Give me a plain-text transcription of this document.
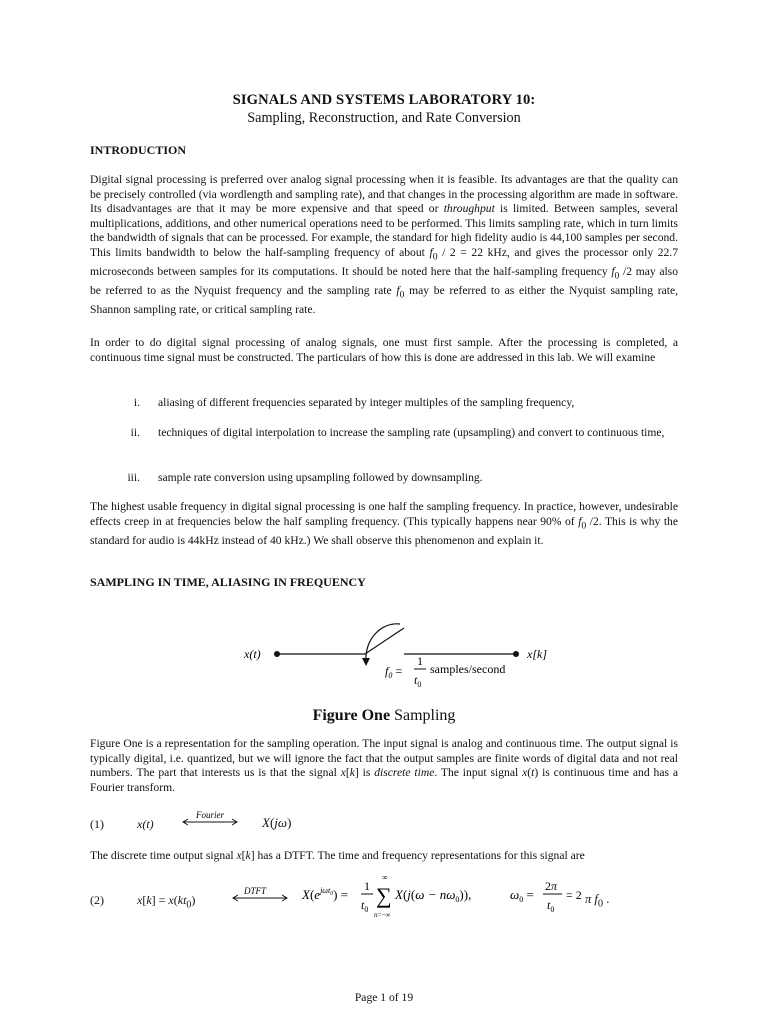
SIGNALS AND SYSTEMS LABORATORY 10:
Sampling, Reconstruction, and Rate Conversion
INTRODUCTION

Digital signal processing is preferred over analog signal processing when it is feasible. Its advantages are that the quality can be precisely controlled (via wordlength and sampling rate), and that changes in the processing algorithm are made in software. Its disadvantages are that it may be more expensive and that speed or throughput is limited. Between samples, several multiplications, additions, and other numerical operations need to be performed. This limits sampling rate, which in turn limits the bandwidth of signals that can be processed. For example, the standard for high fidelity audio is 44,100 samples per second. This limits bandwidth to below the half-sampling frequency of about $f_0 / 2 = 22$ kHz, and gives the processor only 22.7 microseconds between samples for its computations. It should be noted here that the half-sampling frequency $f_0$ /2 may also be referred to as the Nyquist frequency and the sampling rate $f_0$ may be referred to as either the Nyquist sampling rate, Shannon sampling rate, or critical sampling rate.

In order to do digital signal processing of analog signals, one must first sample. After the processing is completed, a continuous time signal must be constructed. The particulars of how this is done are addressed in this lab. We will examine

i. aliasing of different frequencies separated by integer multiples of the sampling frequency,
ii. techniques of digital interpolation to increase the sampling rate (upsampling) and convert to continuous time,
iii. sample rate conversion using upsampling followed by downsampling.

The highest usable frequency in digital signal processing is one half the sampling frequency. In practice, however, undesirable effects creep in at frequencies below the half sampling frequency. (This typically happens near 90% of $f_0$ /2. This is why the standard for audio is 44kHz instead of 40 kHz.) We shall observe this phenomenon and explain it.

SAMPLING IN TIME, ALIASING IN FREQUENCY
x(t)	x[k]
$f_0$ =
1
$t_0$
samples/second
Figure One Sampling

Figure One is a representation for the sampling operation. The input signal is analog and continuous time. The output signal is typically digital, i.e. quantized, but we will ignore the fact that the output samples are finite words of digital data and not real numbers. The part that interests us is that the signal x[k] is discrete time. The input signal x(t) is continuous time and has a Fourier transform.

The discrete time output signal x[k] has a DTFT. The time and frequency representations for this signal are

(1)	x(t)
Fourier	X(jω)
(2)	$x[k] = x(kt_0)$
DTFT	$X(e^{j\omega t}0)$ =
1
$t_0$
∞
∑
n=−∞
$X(j(\omega - n\omega_0))$,	$\omega_0$ =
2π
$t_0$
= 2 π $f_0$ .
Page 1 of 19
